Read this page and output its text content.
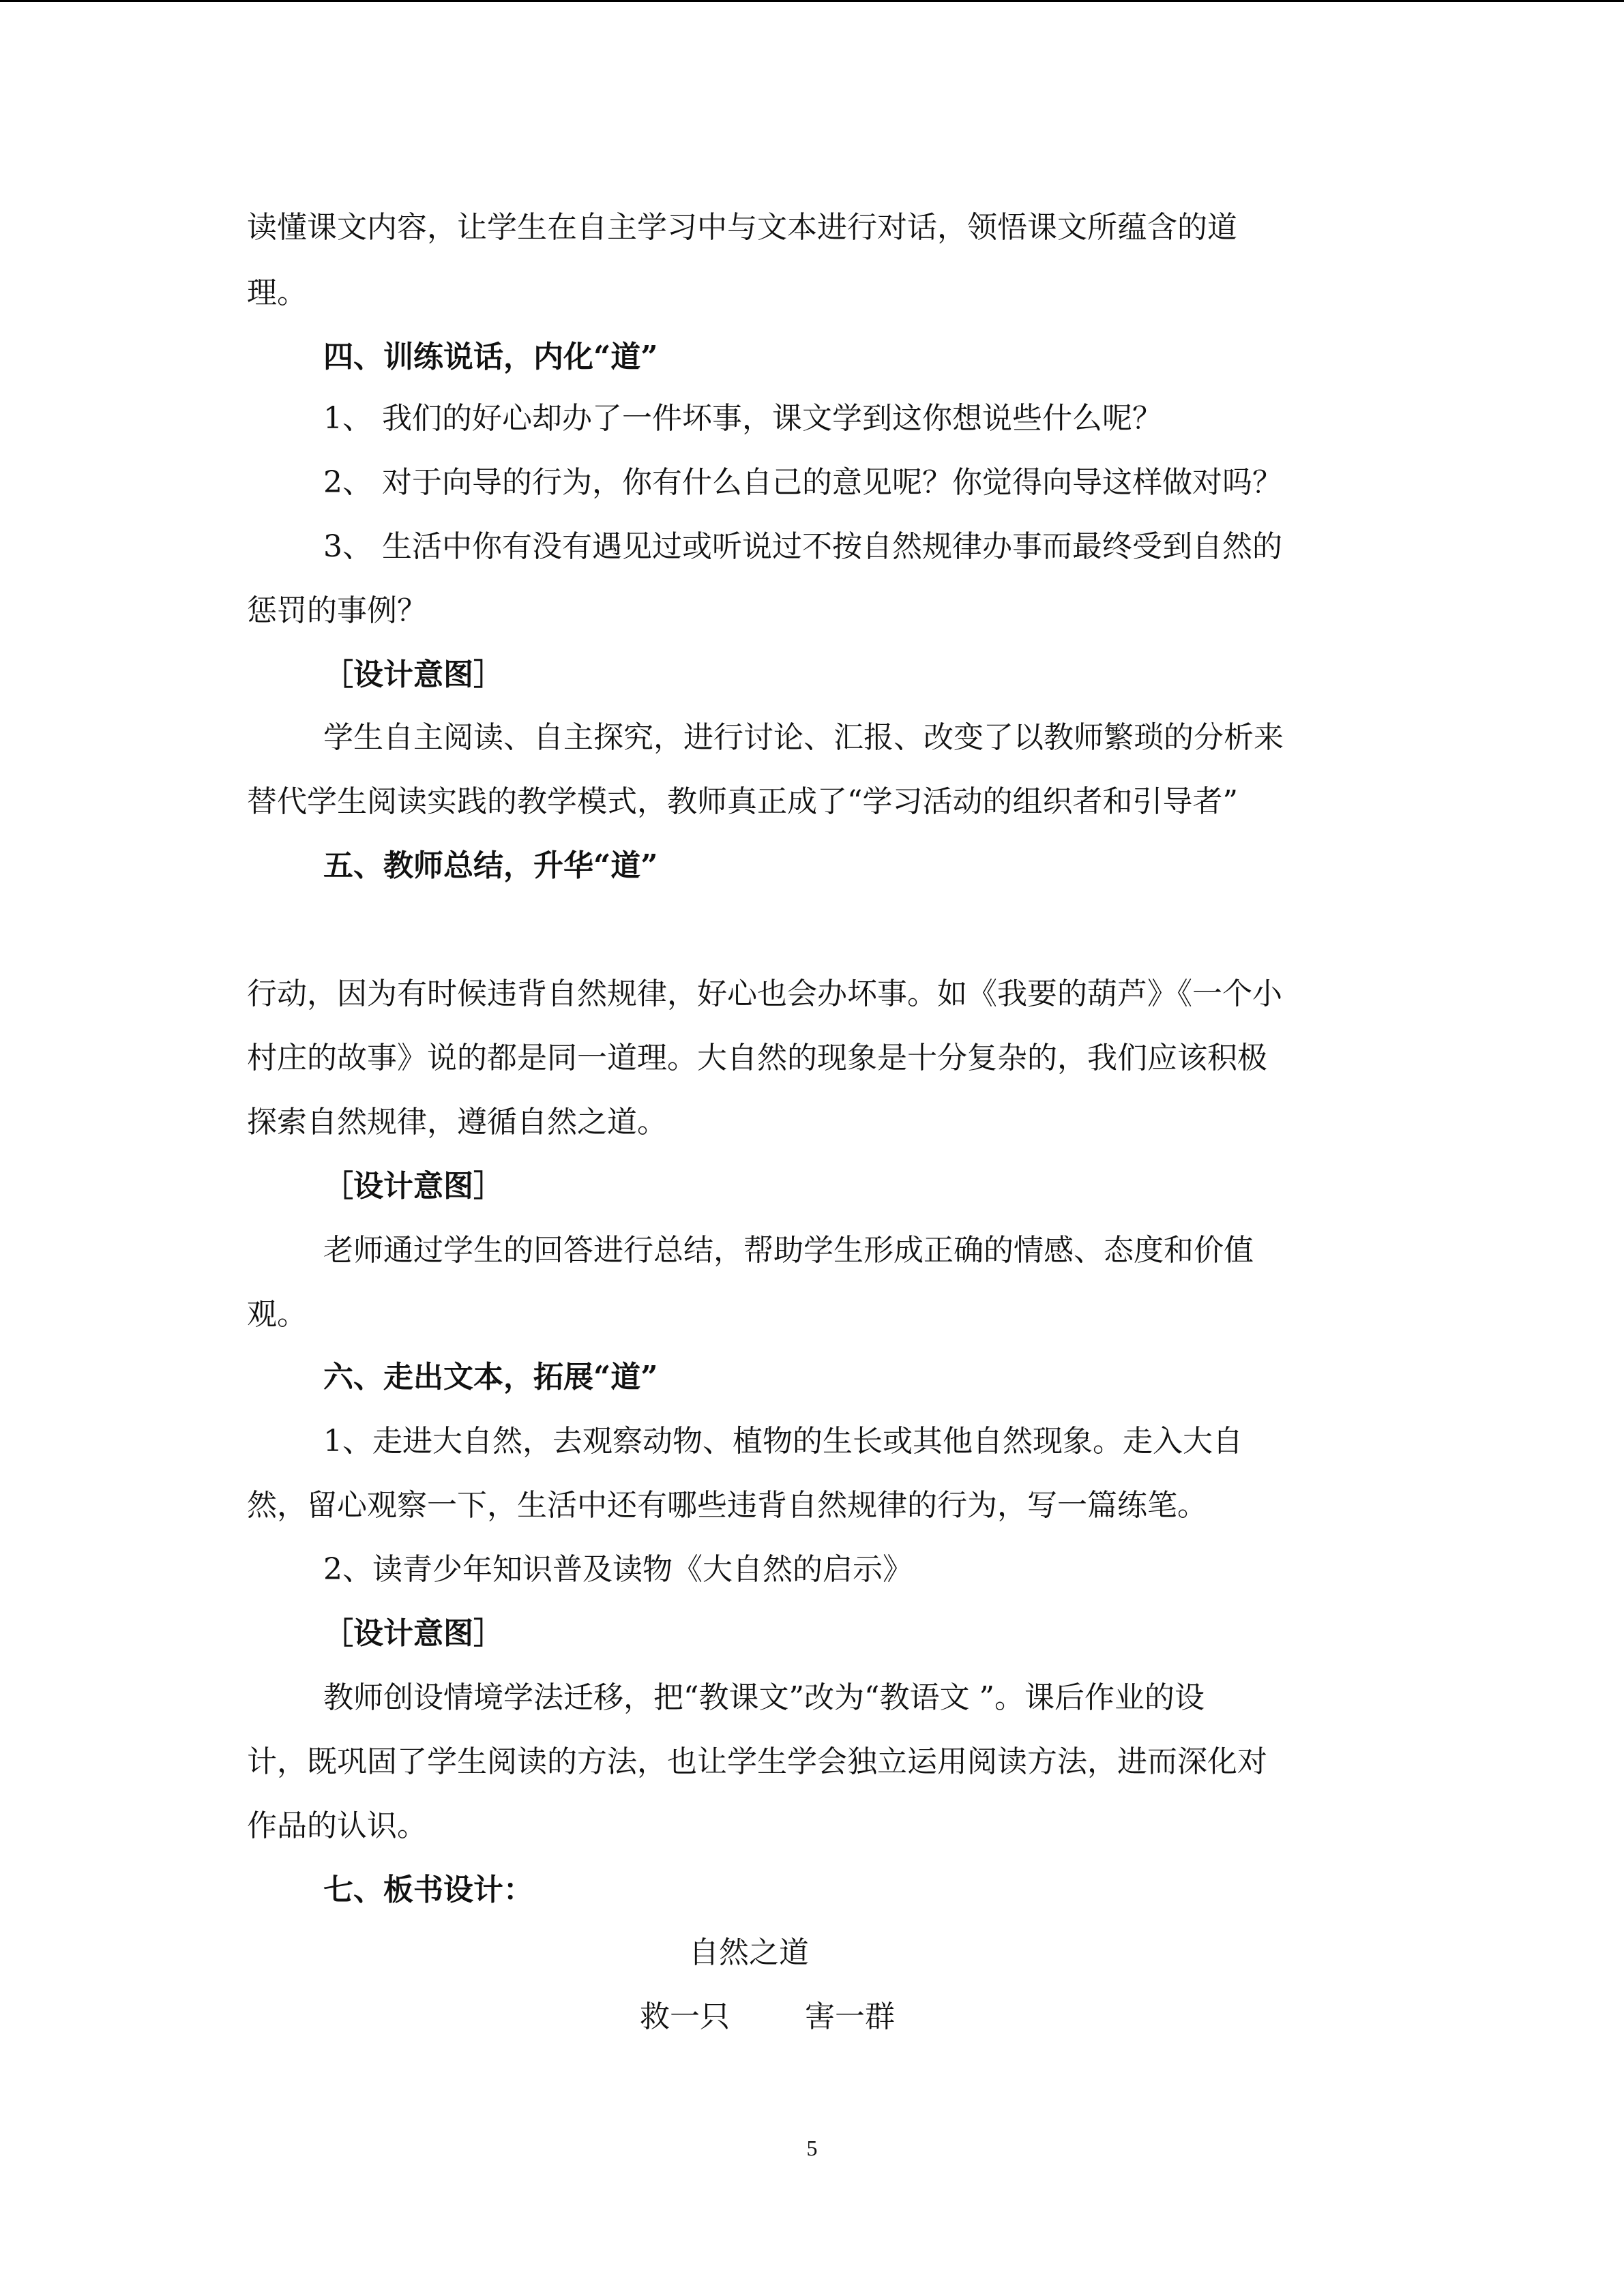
读懂课文内容，让学生在自主学习中与文本进行对话，领悟课文所蕴含的道

理。

四、训练说话，内化“道”

1、 我们的好心却办了一件坏事，课文学到这你想说些什么呢？

2、 对于向导的行为，你有什么自己的意见呢？你觉得向导这样做对吗？

3、 生活中你有没有遇见过或听说过不按自然规律办事而最终受到自然的

惩罚的事例？

［设计意图］

学生自主阅读、自主探究，进行讨论、汇报、改变了以教师繁琐的分析来

替代学生阅读实践的教学模式，教师真正成了“学习活动的组织者和引导者”

五、教师总结，升华“道”

行动，因为有时候违背自然规律，好心也会办坏事。如《我要的葫芦》《一个小

村庄的故事》说的都是同一道理。大自然的现象是十分复杂的，我们应该积极

探索自然规律，遵循自然之道。

［设计意图］

老师通过学生的回答进行总结，帮助学生形成正确的情感、态度和价值

观。

六、走出文本，拓展“道”

1、走进大自然，去观察动物、植物的生长或其他自然现象。走入大自

然，留心观察一下，生活中还有哪些违背自然规律的行为，写一篇练笔。

2、读青少年知识普及读物《大自然的启示》

［设计意图］

教师创设情境学法迁移，把“教课文”改为“教语文 ”。课后作业的设

计，既巩固了学生阅读的方法，也让学生学会独立运用阅读方法，进而深化对

作品的认识。

七、板书设计：

自然之道

救一只	害一群

5
